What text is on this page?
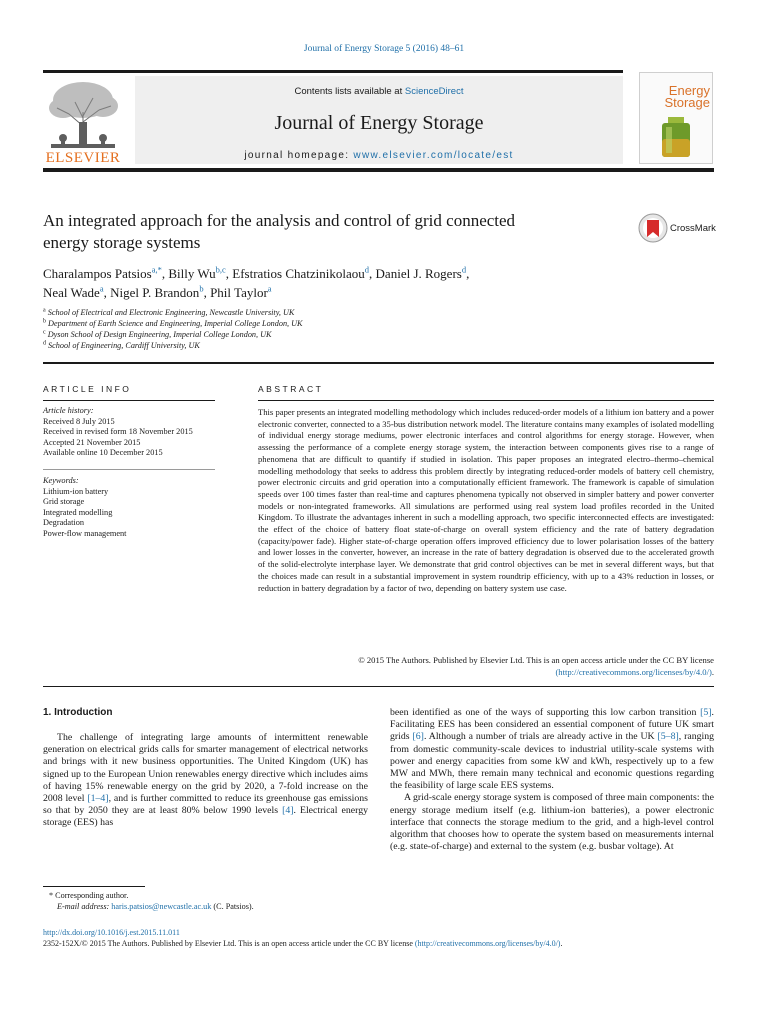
Journal of Energy Storage 5 (2016) 48–61
ELSEVIER
Contents lists available at ScienceDirect
Journal of Energy Storage
journal homepage: www.elsevier.com/locate/est
Energy
Storage
An integrated approach for the analysis and control of grid connected
energy storage systems
CrossMark
Charalampos Patsios$^{a,*}$, Billy Wu$^{b,c}$, Efstratios Chatzinikolaou$^d$, Daniel J. Rogers$^d$,
Neal Wade$^a$, Nigel P. Brandon$^b$, Phil Taylor$^a$
$^a$ School of Electrical and Electronic Engineering, Newcastle University, UK
$^b$ Department of Earth Science and Engineering, Imperial College London, UK
$^c$ Dyson School of Design Engineering, Imperial College London, UK
$^d$ School of Engineering, Cardiff University, UK
ARTICLE INFO	ABSTRACT
Article history:
Received 8 July 2015
Received in revised form 18 November 2015
Accepted 21 November 2015
Available online 10 December 2015
Keywords:
Lithium-ion battery
Grid storage
Integrated modelling
Degradation
Power-flow management
This paper presents an integrated modelling methodology which includes reduced-order models of a lithium ion battery and a power electronic converter, connected to a 35-bus distribution network model. The literature contains many examples of isolated modelling of individual energy storage mediums, power electronic interfaces and control algorithms for energy storage. However, when assessing the performance of a complete energy storage system, the interaction between components gives rise to a range of phenomena that are difficult to quantify if studied in isolation. This paper proposes an integrated electro–thermo–chemical modelling methodology that seeks to address this problem directly by integrating reduced-order models of battery cell chemistry, power electronic circuits and grid operation into a computationally efficient framework. The framework is capable of simulation speeds over 100 times faster than real-time and captures phenomena typically not observed in simpler battery and power converter models or non-integrated frameworks. All simulations are performed using real system load profiles recorded in the United Kingdom. To illustrate the advantages inherent in such a modelling approach, two specific interconnected effects are investigated: the effect of the choice of battery float state-of-charge on overall system efficiency and the rate of battery degradation (capacity/power fade). Higher state-of-charge operation offers improved efficiency due to lower polarisation losses of the battery and lower losses in the converter, however, an increase in the rate of battery degradation is observed due to the accelerated growth of the solid-electrolyte interphase layer. We demonstrate that grid control objectives can be met in several different ways, but that the choices made can result in a substantial improvement in system roundtrip efficiency, with up to a 43% reduction in losses, or reduction in battery degradation by a factor of two, depending on battery system use case.
© 2015 The Authors. Published by Elsevier Ltd. This is an open access article under the CC BY license
(http://creativecommons.org/licenses/by/4.0/).
1. Introduction
The challenge of integrating large amounts of intermittent renewable generation on electrical grids calls for smarter management of electrical networks and brings with it new business opportunities. The United Kingdom (UK) has signed up to the European Union renewables energy directive which includes aims of having 15% renewable energy on the grid by 2020, a 7-fold increase on the 2008 level [1–4], and is further committed to reduce its greenhouse gas emissions so that by 2050 they are at least 80% below 1990 levels [4]. Electrical energy storage (EES) has
been identified as one of the ways of supporting this low carbon transition [5]. Facilitating EES has been considered an essential component of future UK smart grids [6]. Although a number of trials are already active in the UK [5–8], ranging from domestic community-scale devices to industrial utility-scale systems with power and energy capacities from some kW and kWh, respectively up to a few MW and MWh, there remain many technical and economic questions regarding the feasibility of large scale EES systems.
A grid-scale energy storage system is composed of three main components: the energy storage medium itself (e.g. lithium-ion batteries), a power electronic interface that connects the storage medium to the grid, and a high-level control algorithm that chooses how to operate the system based on measurements internal (e.g. state-of-charge) and external to the system (e.g. busbar voltage). At
* Corresponding author.
E-mail address: haris.patsios@newcastle.ac.uk (C. Patsios).
http://dx.doi.org/10.1016/j.est.2015.11.011
2352-152X/© 2015 The Authors. Published by Elsevier Ltd. This is an open access article under the CC BY license (http://creativecommons.org/licenses/by/4.0/).
